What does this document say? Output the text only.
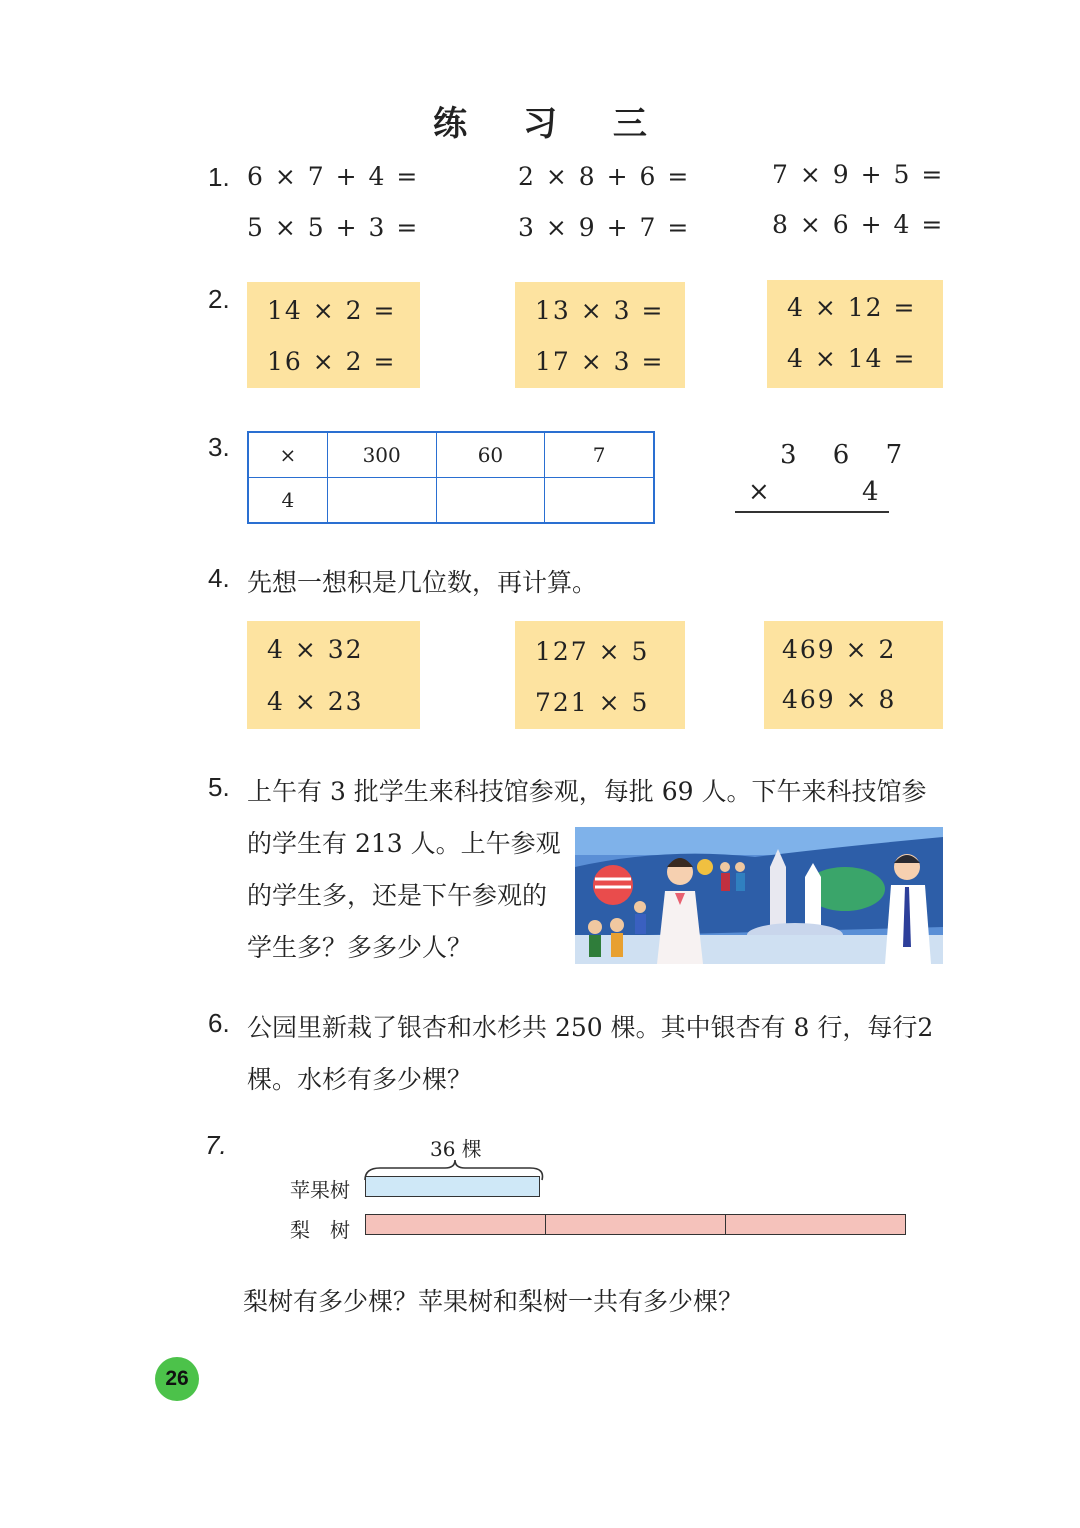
练 习 三
1. 6 × 7 + 4 =
5 × 5 + 3 =
2 × 8 + 6 =
3 × 9 + 7 =
7 × 9 + 5 =
8 × 6 + 4 =
2. 14 × 2 =
16 × 2 =
13 × 3 =
17 × 3 =
4 × 12 =
4 × 14 =
3. ×	300	60	7
4			
3 6 7
×	4
4. 先想一想积是几位数，再计算。
4 × 32
4 × 23
127 × 5
721 × 5
469 × 2
469 × 8
5. 上午有 3 批学生来科技馆参观，每批 69 人。下午来科技馆参
的学生有 213 人。上午参观
的学生多，还是下午参观的
学生多？多多少人？
6. 公园里新栽了银杏和水杉共 250 棵。其中银杏有 8 行，每行2
棵。水杉有多少棵？
7.	36 棵
苹果树
梨　树
梨树有多少棵？苹果树和梨树一共有多少棵？
26
